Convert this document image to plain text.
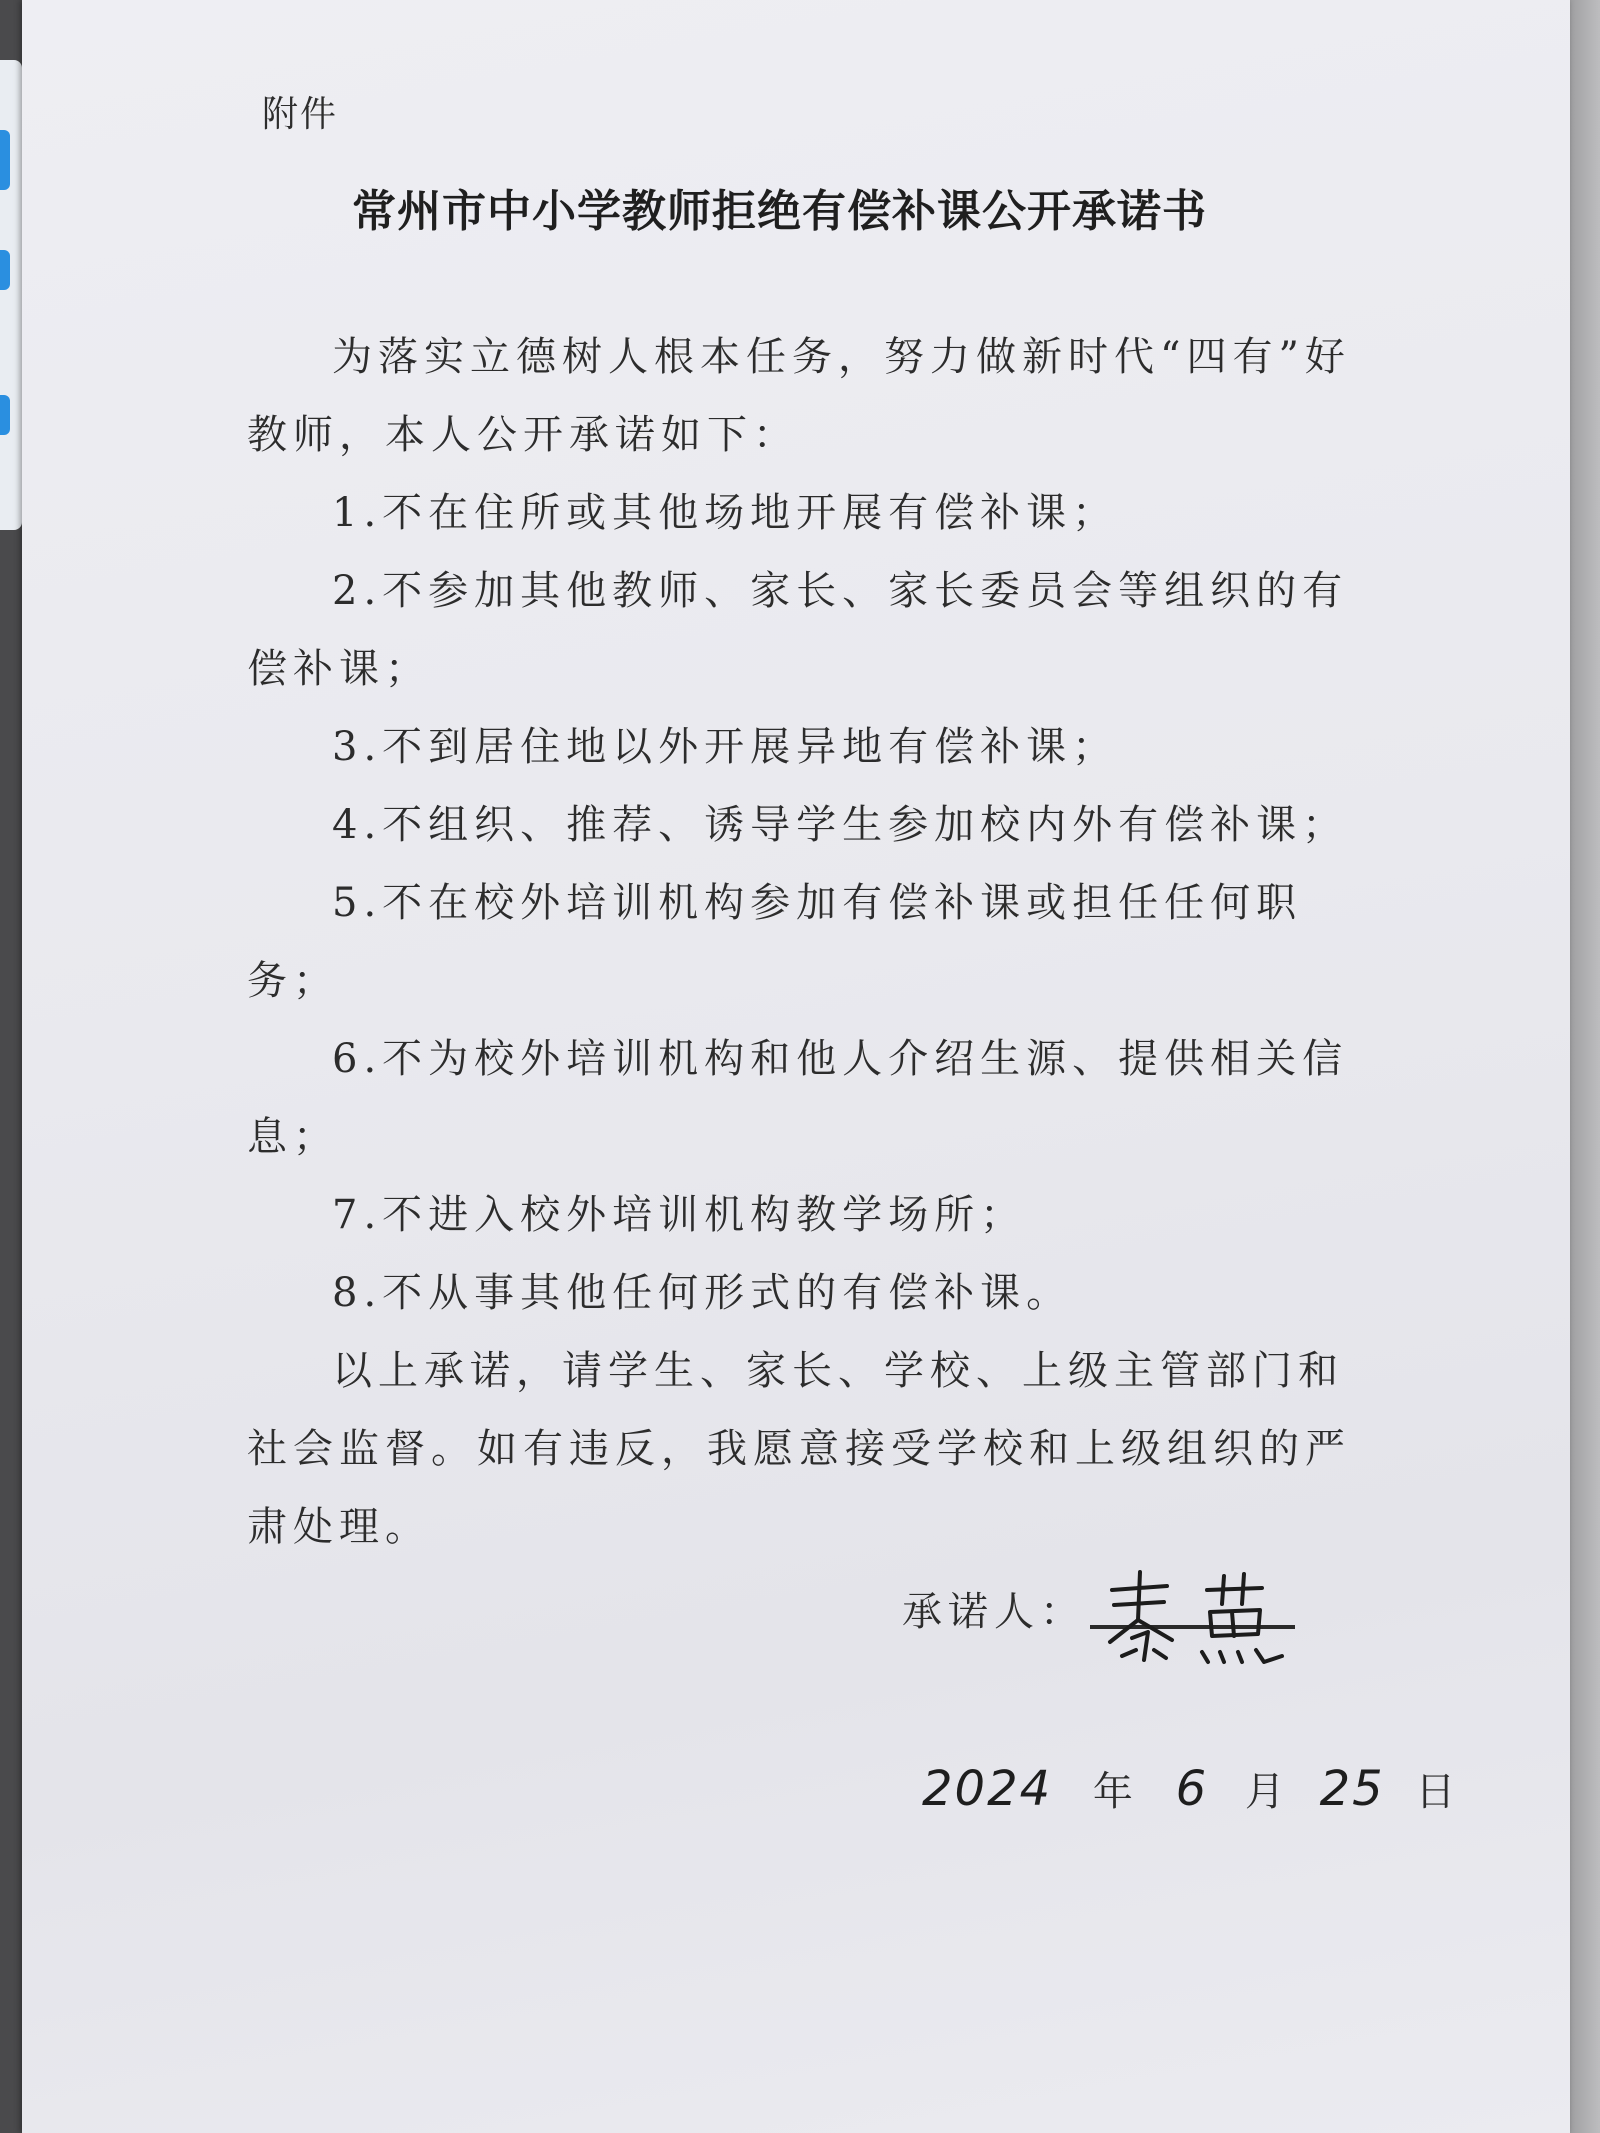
附件
常州市中小学教师拒绝有偿补课公开承诺书

为落实立德树人根本任务，努力做新时代“四有”好教师，本人公开承诺如下：

1.不在住所或其他场地开展有偿补课；

2.不参加其他教师、家长、家长委员会等组织的有偿补课；

3.不到居住地以外开展异地有偿补课；

4.不组织、推荐、诱导学生参加校内外有偿补课；

5.不在校外培训机构参加有偿补课或担任任何职务；

6.不为校外培训机构和他人介绍生源、提供相关信息；

7.不进入校外培训机构教学场所；

8.不从事其他任何形式的有偿补课。

以上承诺，请学生、家长、学校、上级主管部门和社会监督。如有违反，我愿意接受学校和上级组织的严肃处理。

承诺人：
2024 年 6 月 25 日
